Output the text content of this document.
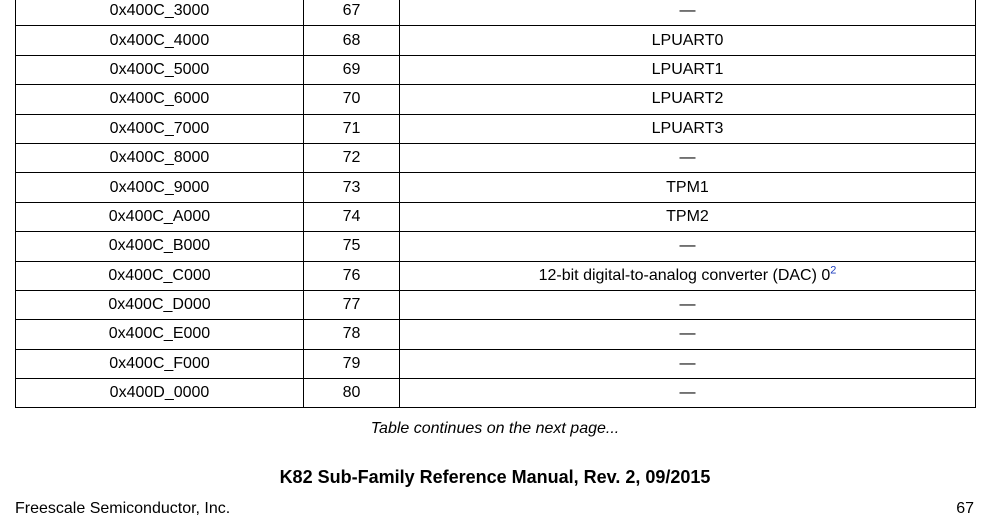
0x400C_3000	67	—
0x400C_4000	68	LPUART0
0x400C_5000	69	LPUART1
0x400C_6000	70	LPUART2
0x400C_7000	71	LPUART3
0x400C_8000	72	—
0x400C_9000	73	TPM1
0x400C_A000	74	TPM2
0x400C_B000	75	—
0x400C_C000	76	12-bit digital-to-analog converter (DAC) 0$^2$
0x400C_D000	77	—
0x400C_E000	78	—
0x400C_F000	79	—
0x400D_0000	80	—
Table continues on the next page...
K82 Sub-Family Reference Manual, Rev. 2, 09/2015
Freescale Semiconductor, Inc.	67
